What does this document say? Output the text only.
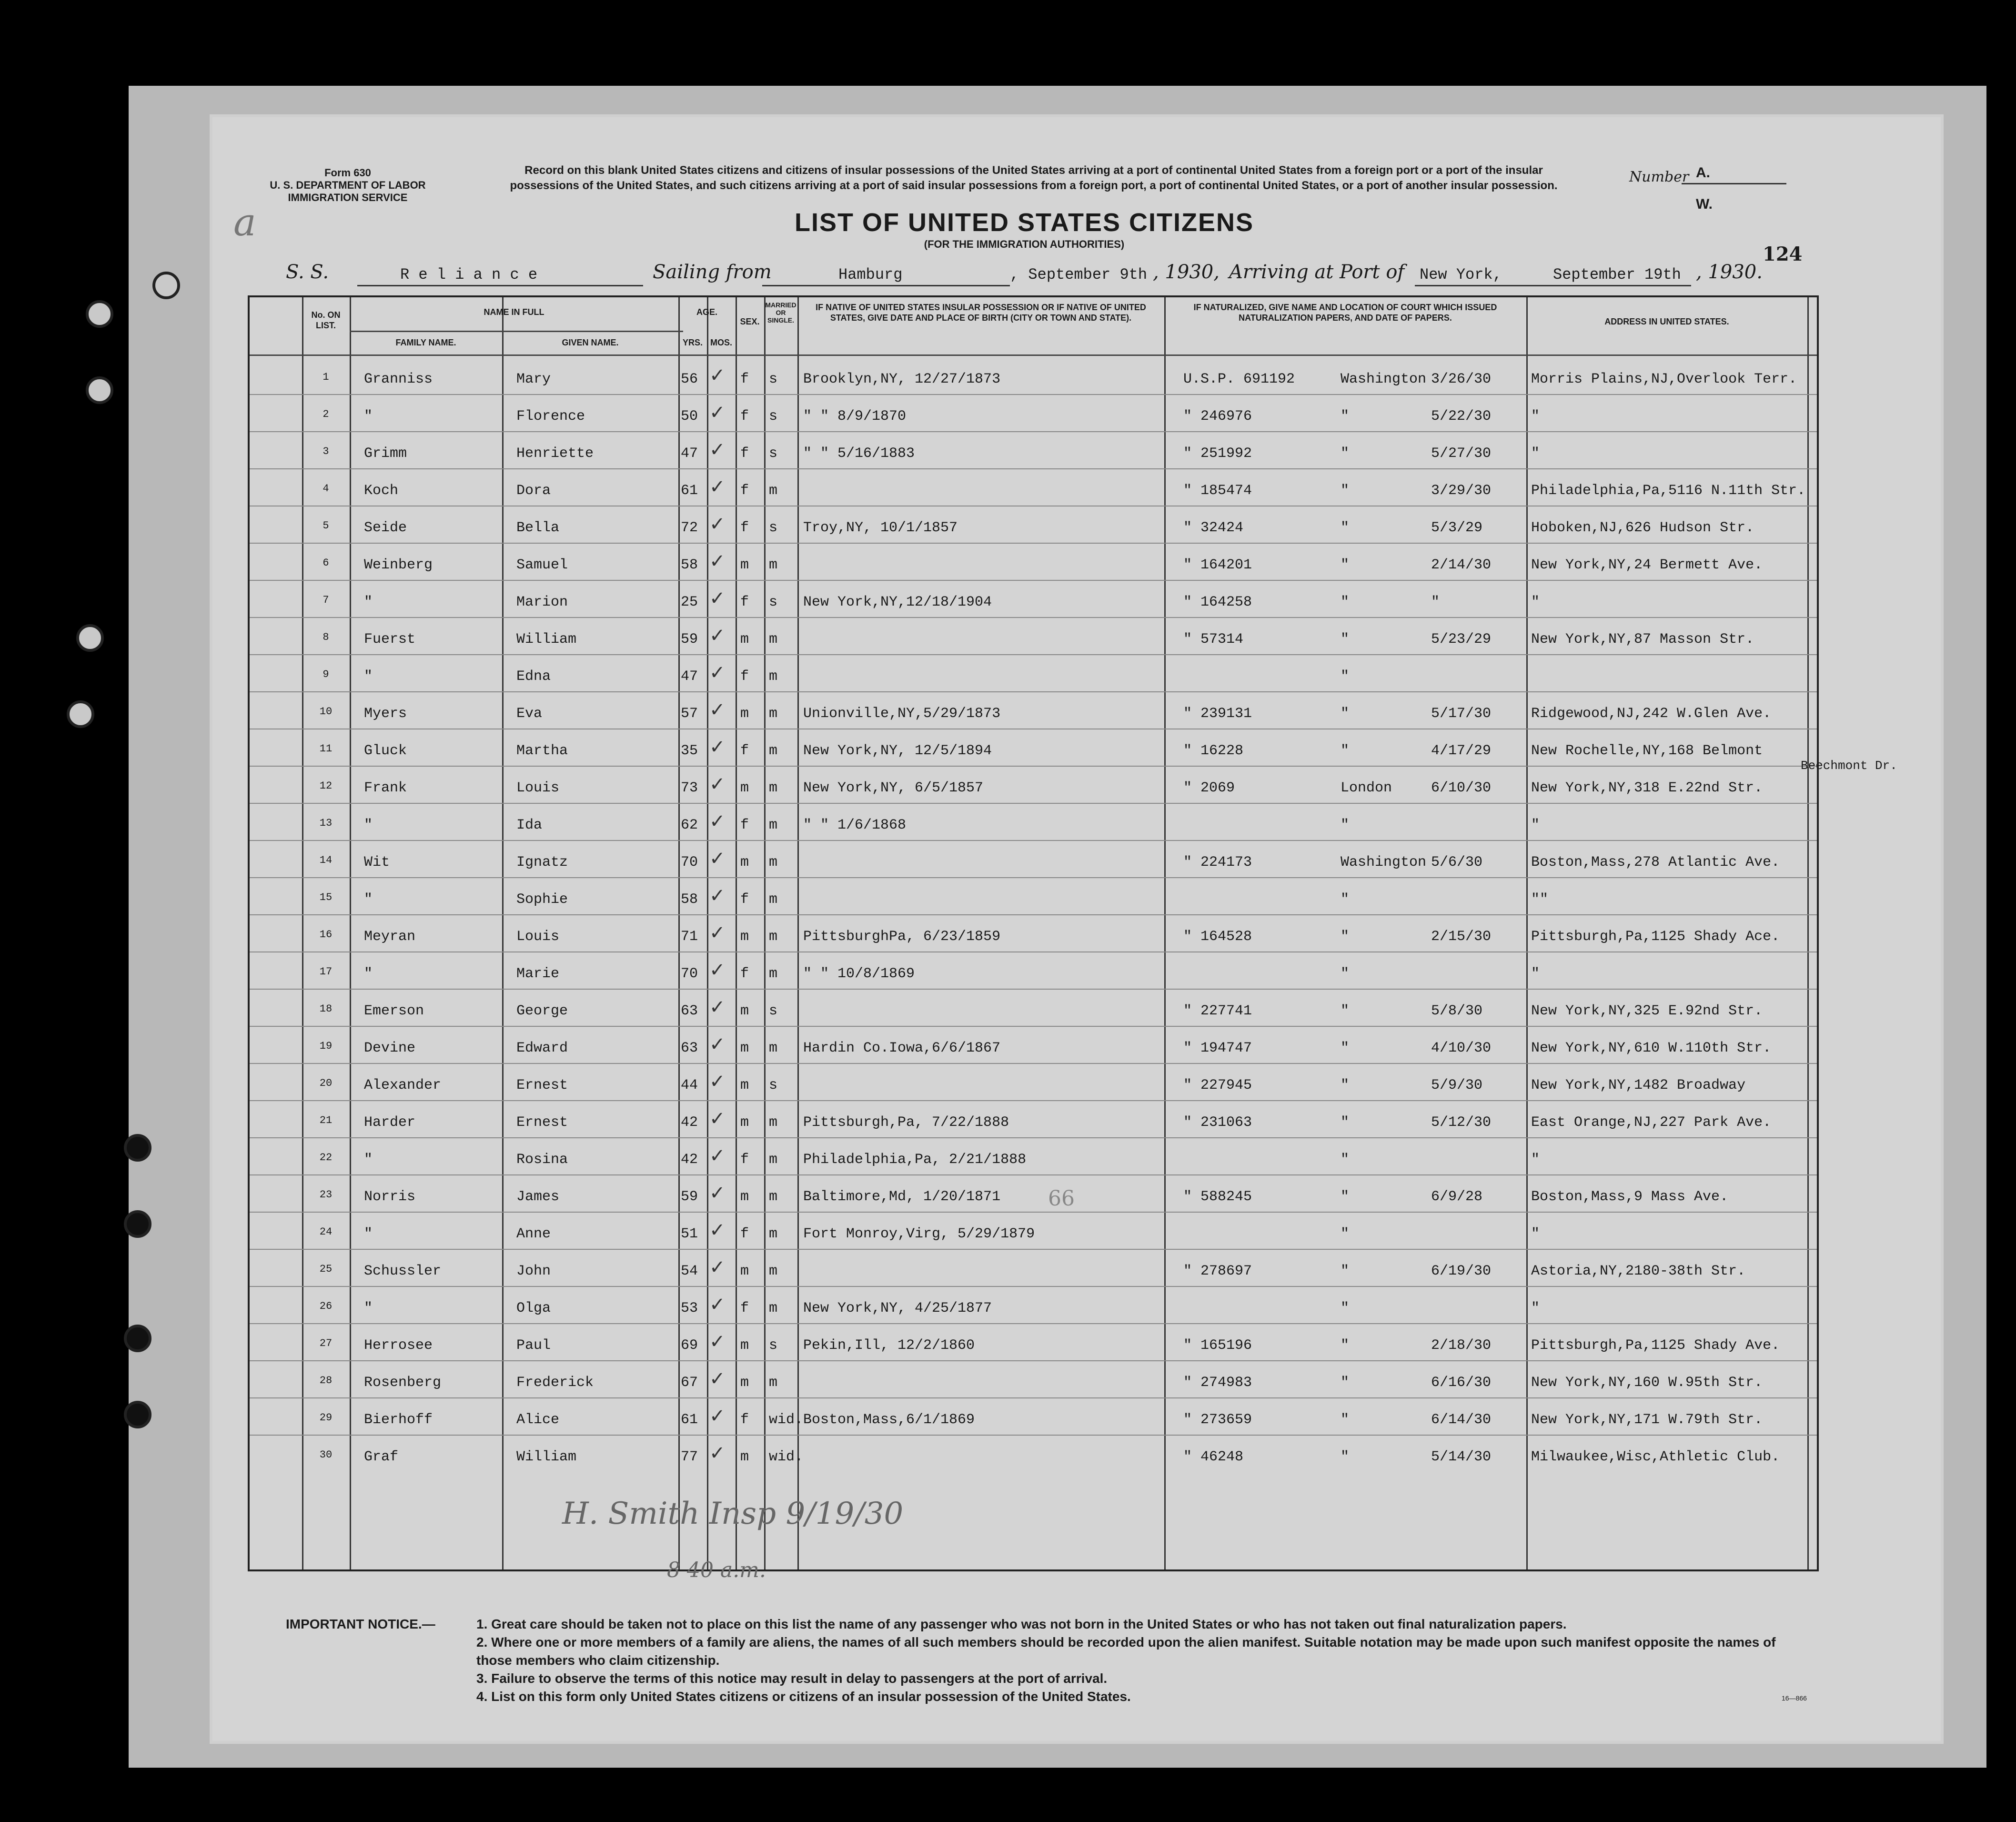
Form 630
U. S. DEPARTMENT OF LABOR
IMMIGRATION SERVICE
Record on this blank United States citizens and citizens of insular possessions of the United States arriving at a port of continental United States from a foreign port or a port of the insular possessions of the United States, and such citizens arriving at a port of said insular possessions from a foreign port, a port of continental United States, or a port of another insular possession.
Number A.
W.
a	LIST OF UNITED STATES CITIZENS
(FOR THE IMMIGRATION AUTHORITIES)	124
S. S.	R e l i a n c e	Sailing from	Hamburg	, September 9th , 1930, Arriving at Port of New York,	September 19th , 1930.
No. ON LIST.
NAME IN FULL
FAMILY NAME.	GIVEN NAME.
AGE.
YRS. MOS.
SEX.
MARRIED OR SINGLE.
IF NATIVE OF UNITED STATES INSULAR POSSESSION OR IF NATIVE OF UNITED STATES, GIVE DATE AND PLACE OF BIRTH (CITY OR TOWN AND STATE).
IF NATURALIZED, GIVE NAME AND LOCATION OF COURT WHICH ISSUED NATURALIZATION PAPERS, AND DATE OF PAPERS.	ADDRESS IN UNITED STATES.
1	Granniss	Mary	56	f s Brooklyn,NY, 12/27/1873	U.S.P. 691192	Washington 3/26/30	Morris Plains,NJ,Overlook Terr.
✓
2	"	Florence	50	f s " " 8/9/1870	" 246976	"	5/22/30	"
✓
3	Grimm	Henriette	47	f s " " 5/16/1883	" 251992	"	5/27/30	"
✓
4	Koch	Dora	61	f m	" 185474	"	3/29/30	Philadelphia,Pa,5116 N.11th Str.
✓
5	Seide	Bella	72	f s Troy,NY, 10/1/1857	" 32424	"	5/3/29	Hoboken,NJ,626 Hudson Str.
✓
6	Weinberg	Samuel	58	m m	" 164201	"	2/14/30	New York,NY,24 Bermett Ave.
✓
7	"	Marion	25	f s New York,NY,12/18/1904	" 164258	"	"	"
✓
8	Fuerst	William	59	m m	" 57314	"	5/23/29	New York,NY,87 Masson Str.
✓
9	"	Edna	47	f m	"
✓
10	Myers	Eva	57	m m Unionville,NY,5/29/1873	" 239131	"	5/17/30	Ridgewood,NJ,242 W.Glen Ave.
✓
11	Gluck	Martha	35	f m New York,NY, 12/5/1894	" 16228	"	4/17/29	New Rochelle,NY,168 Belmont
✓
12	Frank	Louis	73	m m New York,NY, 6/5/1857	" 2069	London	6/10/30	New York,NY,318 E.22nd Str.
✓
13	"	Ida	62	f m " " 1/6/1868	"	"
✓
14	Wit	Ignatz	70	m m	" 224173	Washington 5/6/30	Boston,Mass,278 Atlantic Ave.
✓
15	"	Sophie	58	f m	"	""
✓
16	Meyran	Louis	71	m m PittsburghPa, 6/23/1859	" 164528	"	2/15/30	Pittsburgh,Pa,1125 Shady Ace.
✓
17	"	Marie	70	f m " " 10/8/1869	"	"
✓
18	Emerson	George	63	m s	" 227741	"	5/8/30	New York,NY,325 E.92nd Str.
✓
19	Devine	Edward	63	m m Hardin Co.Iowa,6/6/1867	" 194747	"	4/10/30	New York,NY,610 W.110th Str.
✓
20	Alexander	Ernest	44	m s	" 227945	"	5/9/30	New York,NY,1482 Broadway
✓
21	Harder	Ernest	42	m m Pittsburgh,Pa, 7/22/1888	" 231063	"	5/12/30	East Orange,NJ,227 Park Ave.
✓
22	"	Rosina	42	f m Philadelphia,Pa, 2/21/1888	"	"
✓
23	Norris	James	59	m m Baltimore,Md, 1/20/1871	" 588245	"	6/9/28	Boston,Mass,9 Mass Ave.
✓
24	"	Anne	51	f m Fort Monroy,Virg, 5/29/1879	"	"
✓
25	Schussler	John	54	m m	" 278697	"	6/19/30	Astoria,NY,2180-38th Str.
✓
26	"	Olga	53	f m New York,NY, 4/25/1877	"	"
✓
27	Herrosee	Paul	69	m s Pekin,Ill, 12/2/1860	" 165196	"	2/18/30	Pittsburgh,Pa,1125 Shady Ave.
✓
28	Rosenberg	Frederick	67	m m	" 274983	"	6/16/30	New York,NY,160 W.95th Str.
✓
29	Bierhoff	Alice	61	f wid. Boston,Mass,6/1/1869	" 273659	"	6/14/30	New York,NY,171 W.79th Str.
✓
30	Graf	William	77	m wid.	" 46248	"	5/14/30	Milwaukee,Wisc,Athletic Club.
✓
Beechmont Dr.
66
H. Smith Insp 9/19/30
8 40 a.m.
IMPORTANT NOTICE.—	1. Great care should be taken not to place on this list the name of any passenger who was not born in the United States or who has not taken out final naturalization papers.
2. Where one or more members of a family are aliens, the names of all such members should be recorded upon the alien manifest. Suitable notation may be made upon such manifest opposite the names of those members who claim citizenship.
3. Failure to observe the terms of this notice may result in delay to passengers at the port of arrival.
4. List on this form only United States citizens or citizens of an insular possession of the United States.	16—866
